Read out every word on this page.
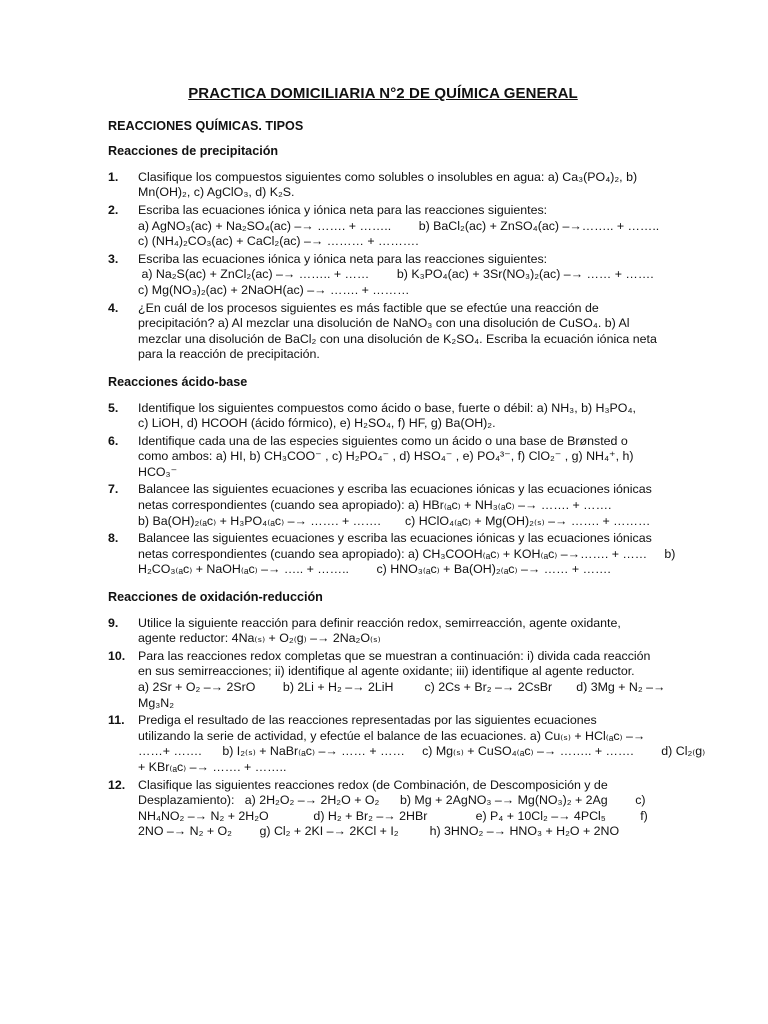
PRACTICA DOMICILIARIA N°2 DE QUÍMICA GENERAL
REACCIONES QUÍMICAS. TIPOS
Reacciones de precipitación
1. Clasifique los compuestos siguientes como solubles o insolubles en agua: a) Ca₃(PO₄)₂, b)
Mn(OH)₂, c) AgClO₃, d) K₂S.
2. Escriba las ecuaciones iónica y iónica neta para las reacciones siguientes:
a) AgNO₃(ac) + Na₂SO₄(ac) –→ ……. + ……..        b) BaCl₂(ac) + ZnSO₄(ac) –→…….. + ……..
c) (NH₄)₂CO₃(ac) + CaCl₂(ac) –→ ……… + ……….
3. Escriba las ecuaciones iónica y iónica neta para las reacciones siguientes:
a) Na₂S(ac) + ZnCl₂(ac) –→ …….. + ……        b) K₃PO₄(ac) + 3Sr(NO₃)₂(ac) –→ …… + …….
c) Mg(NO₃)₂(ac) + 2NaOH(ac) –→ ……. + ………
4. ¿En cuál de los procesos siguientes es más factible que se efectúe una reacción de
precipitación? a) Al mezclar una disolución de NaNO₃ con una disolución de CuSO₄. b) Al
mezclar una disolución de BaCl₂ con una disolución de K₂SO₄. Escriba la ecuación iónica neta
para la reacción de precipitación.
Reacciones ácido-base
5. Identifique los siguientes compuestos como ácido o base, fuerte o débil: a) NH₃, b) H₃PO₄,
c) LiOH, d) HCOOH (ácido fórmico), e) H₂SO₄, f) HF, g) Ba(OH)₂.
6. Identifique cada una de las especies siguientes como un ácido o una base de Brønsted o
como ambos: a) HI, b) CH₃COO⁻ , c) H₂PO₄⁻ , d) HSO₄⁻ , e) PO₄³⁻, f) ClO₂⁻ , g) NH₄⁺, h)
HCO₃⁻
7. Balancee las siguientes ecuaciones y escriba las ecuaciones iónicas y las ecuaciones iónicas
netas correspondientes (cuando sea apropiado): a) HBr₍ₐc₎ + NH₃₍ₐc₎ –→ ……. + …….
b) Ba(OH)₂₍ₐc₎ + H₃PO₄₍ₐc₎ –→ ……. + …….       c) HClO₄₍ₐc₎ + Mg(OH)₂₍ₛ₎ –→ ……. + ………
8. Balancee las siguientes ecuaciones y escriba las ecuaciones iónicas y las ecuaciones iónicas
netas correspondientes (cuando sea apropiado): a) CH₃COOH₍ₐc₎ + KOH₍ₐc₎ –→……. + ……     b)
H₂CO₃₍ₐc₎ + NaOH₍ₐc₎ –→ ….. + ……..        c) HNO₃₍ₐc₎ + Ba(OH)₂₍ₐc₎ –→ …… + …….
Reacciones de oxidación-reducción
9. Utilice la siguiente reacción para definir reacción redox, semirreacción, agente oxidante,
agente reductor: 4Na₍ₛ₎ + O₂₍g₎ –→ 2Na₂O₍ₛ₎
10. Para las reacciones redox completas que se muestran a continuación: i) divida cada reacción
en sus semirreacciones; ii) identifique al agente oxidante; iii) identifique al agente reductor.
a) 2Sr + O₂ –→ 2SrO        b) 2Li + H₂ –→ 2LiH         c) 2Cs + Br₂ –→ 2CsBr       d) 3Mg + N₂ –→
Mg₃N₂
11. Prediga el resultado de las reacciones representadas por las siguientes ecuaciones
utilizando la serie de actividad, y efectúe el balance de las ecuaciones. a) Cu₍ₛ₎ + HCl₍ₐc₎ –→
……+ …….      b) I₂₍ₛ₎ + NaBr₍ₐc₎ –→ …… + ……     c) Mg₍ₛ₎ + CuSO₄₍ₐc₎ –→ …….. + …….        d) Cl₂₍g₎
+ KBr₍ₐc₎ –→ ……. + ……..
12. Clasifique las siguientes reacciones redox (de Combinación, de Descomposición y de
Desplazamiento):   a) 2H₂O₂ –→ 2H₂O + O₂      b) Mg + 2AgNO₃ –→ Mg(NO₃)₂ + 2Ag        c)
NH₄NO₂ –→ N₂ + 2H₂O             d) H₂ + Br₂ –→ 2HBr              e) P₄ + 10Cl₂ –→ 4PCl₅          f)
2NO –→ N₂ + O₂        g) Cl₂ + 2KI –→ 2KCl + I₂         h) 3HNO₂ –→ HNO₃ + H₂O + 2NO
